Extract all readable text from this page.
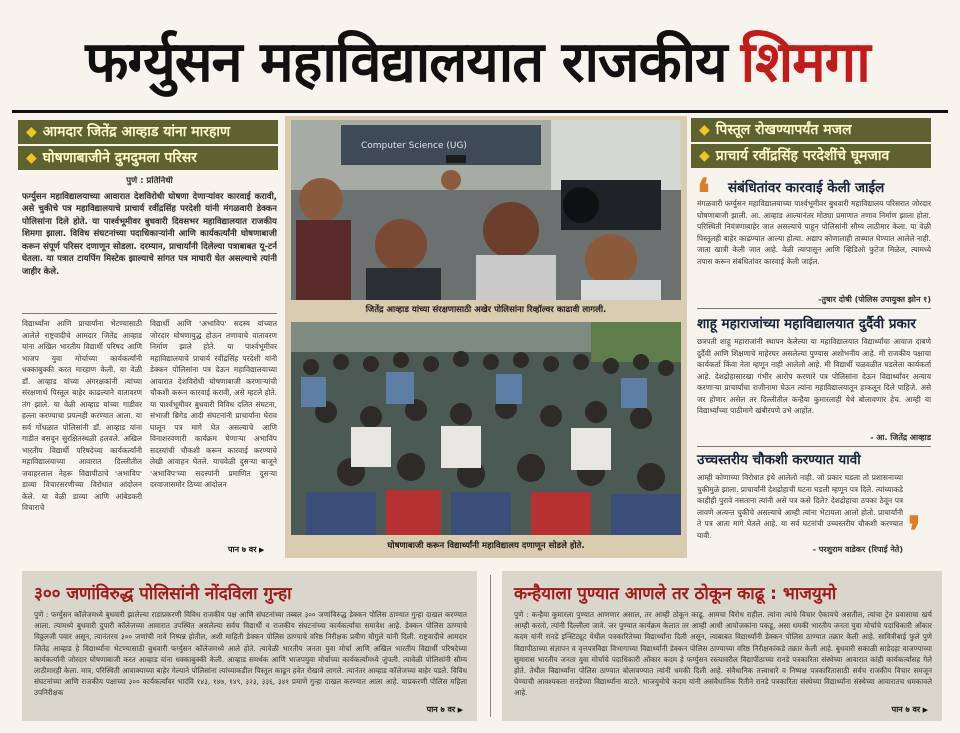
फर्ग्युसन महाविद्यालयात राजकीय शिमगा
◆ आमदार जितेंद्र आव्हाड यांना मारहाण
◆ घोषणाबाजीने दुमदुमला परिसर
◆ पिस्तूल रोखण्यापर्यंत मजल
◆ प्राचार्य रवींद्रसिंह परदेशींचे घूमजाव
पुणे : प्रतिनिधी
फर्ग्युसन महाविद्यालयाच्या आवारात देशविरोधी घोषणा देणाऱ्यांवर कारवाई करावी, असे चुकीचे पत्र महाविद्यालयाचे प्राचार्य रवींद्रसिंह परदेशी यांनी मंगळवारी डेक्कन पोलिसांना दिले होते. या पार्श्वभूमीवर बुधवारी दिवसभर महाविद्यालयात राजकीय शिमगा झाला. विविध संघटनांच्या पदाधिकाऱ्यांनी आणि कार्यकर्त्यांनी घोषणाबाजी करून संपूर्ण परिसर दणाणून सोडला. दरम्यान, प्राचार्यांनी दिलेल्या पत्राबाबत यू-टर्न घेतला. या पत्रात टायपिंग मिस्टेक झाल्याचे सांगत पत्र माघारी घेत असल्याचे त्यांनी जाहीर केले.
विद्यार्थ्यांना आणि प्राचार्यांना भेटण्यासाठी आलेले राष्ट्रवादीचे आमदार जितेंद्र आव्हाड यांना अखिल भारतीय विद्यार्थी परिषद आणि भाजप युवा मोर्चाच्या कार्यकर्त्यांनी धक्काबुक्की करत मारहाण केली. या वेळी डॉ. आव्हाड यांच्या अंगरक्षकांनी त्यांच्या संरक्षणार्थ पिस्तूल बाहेर काढल्याने वातावरण तंग झाले. या वेळी आव्हाड यांच्या गाडीवर हल्ला करण्याचा प्रयत्नही करण्यात आला. या सर्व गोंधळात पोलिसांनी डॉ. आव्हाड यांना गाडीत बसवून सुरक्षितस्थळी हलवले. अखिल भारतीय विद्यार्थी परिषदेच्या कार्यकर्त्यांनी महाविद्यालयाच्या आवारात दिल्लीतील जवाहरलाल नेहरू विद्यापीठाचे 'अभाविप' डाव्या विचारसरणीच्या विरोधात आंदोलन केले. या वेळी डाव्या आणि आंबेडकरी विचाराचे
विद्यार्थी आणि 'अभाविप' सदस्य यांच्यात जोरदार घोषणायुद्ध होऊन तणावाचे वातावरण निर्माण झाले होते. या पार्श्वभूमीवर महाविद्यालयाचे प्राचार्य रवींद्रसिंह परदेशी यांनी डेक्कन पोलिसांना पत्र देऊन महाविद्यालयाच्या आवारात देशविरोधी घोषणाबाजी करणाऱ्यांची चौकशी करून कारवाई करावी, असे म्हटले होते. या पार्श्वभूमीवर बुधवारी विविध दलित संघटना, संभाजी ब्रिगेड आदी संघटनांनी प्राचार्यांना घेराव घालून पत्र मागे घेत असल्याचे आणि विनाशरवणारी कार्यक्रम घेणाऱ्या अभाविप सदस्यांची चौकशी करून कारवाई करण्याचे लेखी आवाहन घेतले. याचवेळी दुसऱ्या बाजूने 'अभाविप'च्या सदस्यांनी प्रमाणित दुसऱ्या दरवाजासमोर ठिय्या आंदोलन
पान ७ वर ▶
Computer Science (UG)
जितेंद्र आव्हाड यांच्या संरक्षणासाठी अखेर पोलिसांना रिव्हॉल्वर काढावी लागली.
घोषणाबाजी करून विद्यार्थ्यांनी महाविद्यालय दणाणून सोडले होते.
❛ संबंधितांवर कारवाई केली जाईल
मंगळवारी फर्ग्युसन महाविद्यालयाच्या पार्श्वभूमीवर बुधवारी महाविद्यालय परिसरात जोरदार घोषणाबाजी झाली. आ. आव्हाड आल्यानंतर मोठ्या प्रमाणात तणाव निर्माण झाला होता. परिस्थिती नियंत्रणाबाहेर जात असल्याचे पाहून पोलिसांनी सौम्य लाठीमार केला. या वेळी पिस्तूलही बाहेर काढण्यात आल्या होत्या. अद्याप कोणालाही ताब्यात घेण्यात आलेले नाही. जाता खात्री केली जात आहे. वेळी त्यापासून आणि व्हिडिओ फुटेज मिळेल, त्यामध्ये तपास करून संबंधितांवर कारवाई केली जाईल.
-तुषार दोषी (पोलिस उपायुक्त झोन १)
शाहू महाराजांच्या महाविद्यालयात दुर्दैवी प्रकार
छत्रपती शाहू महाराजांनी स्थापन केलेल्या या महाविद्यालयात विद्यार्थ्यांचा आवाज दाबणे दुर्दैवी आणि शिक्षणाचे माहेरघर असलेल्या पुण्यास अशोभनीय आहे. मी राजकीय पक्षाचा कार्यकर्ता किंवा नेता म्हणून नाही आलेलो आहे. मी विद्यार्थी चळवळीत घडलेला कार्यकर्ता आहे. देशद्रोहासारखा गंभीर आरोप करणारे पत्र पोलिसांना देऊन विद्यार्थ्यांवर अन्याय करणाऱ्या प्राचार्यांचा राजीनामा घेऊन त्यांना महाविद्यालयातून हाकलून दिले पाहिजे. असे जर होणार असेल तर दिल्लीतील कन्हैया कुमारलाही येथे बोलावणार हेच. आम्ही या विद्यार्थ्यांच्या पाठीमागे खंबीरपणे उभे आहोत.
- आ. जितेंद्र आव्हाड
उच्चस्तरीय चौकशी करण्यात यावी
आम्ही कोणाच्या विरोधात इथे आलेलो नाही. जो प्रकार घडला तो प्रशासनाच्या चुकीमुळे झाला. प्राचार्यांनी देशद्रोहाची घटना घडली म्हणून पत्र दिले. त्यांच्याकडे काहीही पुरावे नसताना त्यांनी असे पत्र कसे दिले? देशद्रोहाचा ठपका ठेवून पत्र लावणे अत्यन्त चुकीचे असल्याचे आम्ही त्यांना भेटायला आलो होतो. प्राचार्यांनी ते पत्र आता मागे घेतले आहे. या सर्व घटनांची उच्चस्तरीय चौकशी करण्यात यावी.
- परशुराम वाडेकर (रिपाई नेते) ❜
३०० जणांविरुद्ध पोलिसांनी नोंदविला गुन्हा
पुणे : फर्ग्युसन कॉलेजमध्ये बुधवारी झालेल्या राडाप्रकरणी विविध राजकीय पक्ष आणि संघटनांच्या तब्बल ३०० जणांविरुद्ध डेक्कन पोलिस ठाण्यात गुन्हा दाखल करण्यात आला. त्यामध्ये बुधवारी दुपारी कॉलेजच्या आवारात उपस्थित असलेल्या सर्वच विद्यार्थी व राजकीय संघटनांच्या कार्यकर्त्यांचा समावेश आहे. डेक्कन पोलिस ठाण्याचे विठ्ठलजी पवार असून, त्यानंतरच ३०० जणांची नावे निष्पन्न होतील, अशी माहिती डेक्कन पोलिस ठाण्याचे वरिष्ठ निरीक्षक प्रवीण चौगुले यांनी दिली. राष्ट्रवादीचे आमदार जितेंद्र आव्हाड हे विद्यार्थ्यांना भेटण्यासाठी बुधवारी फर्ग्युसन कॉलेजमध्ये आले होते. त्यावेळी भारतीय जनता युवा मोर्चा आणि अखिल भारतीय विद्यार्थी परिषदेच्या कार्यकर्त्यांनी जोरदार घोषणाबाजी करत आव्हाड यांना धक्काबुक्की केली. आव्हाड समर्थक आणि भाजपयुवा मोर्चाच्या कार्यकर्त्यांमध्ये जुंपली. त्यावेळी पोलिसांनी सौम्य लाठीमारही केला. मात्र, परिस्थिती आवाक्याच्या बाहेर गेल्याने पोलिसांना त्यांच्याकडील पिस्तूल काढून हवेत रोखावे लागले. त्यानंतर आव्हाड कॉलेजच्या बाहेर पडले. विविध संघटनांच्या आणि राजकीय पक्षाच्या ३०० कार्यकर्त्यांवर भादंवि १४३, १४७, १४९, ३२३, ३३६, ३४१ प्रमाणे गुन्हा दाखल करण्यात आला आहे. याप्रकरणी पोलिस महिला उपनिरीक्षक
पान ७ वर ▶
कन्हैयाला पुण्यात आणले तर ठोकून काढू : भाजयुमो
पुणे : कन्हैया कुमारला पुण्यात आणणार असाल, तर आम्ही ठोकून काढू. आमचा विरोध राहील. त्यांना त्यांचे विचार ऐकायचे असतील, त्यांचा ट्रेन प्रवासाचा खर्च आम्ही करतो, त्यांनी दिल्लीला जावे. जर पुण्यात कार्यक्रम केलात तर आम्ही आधी आयोजकांना पकडू, असा धमकी भारतीय जनता युवा मोर्चाचे पदाधिकारी ओंकार कदम यांनी रानडे इन्स्टिट्यूट येथील पत्रकारितेच्या विद्यार्थ्यांना दिली असून, त्याबाबत विद्यार्थ्यांनी डेक्कन पोलिस ठाण्यात तक्रार केली आहे. सावित्रीबाई फुले पुणे विद्यापीठाच्या संज्ञापन व वृत्तपत्रविद्या विभागाच्या विद्यार्थ्यांनी डेक्कन पोलिस ठाण्याच्या वरिष्ठ निरीक्षकांकडे तक्रार केली आहे. बुधवारी सकाळी साडेदहा वाजण्याच्या सुमारास भारतीय जनता युवा मोर्चाचे पदाधिकारी ओंकार कदम हे फर्ग्युसन रस्त्यावरील विद्यापीठाच्या रानडे पत्रकारिता संस्थेच्या आवारात कांही कार्यकर्त्यांसह गेले होते. तेथील विद्यार्थ्यांना पोलिस ठाण्यात बोलावण्यात त्यांनी धमकी दिली आहे. संवैधानिक तत्त्वाधारे व निष्पक्ष पत्रकारितासाठी सर्वच राजकीय विचार समजून घेण्याची आवश्यकता रानडेच्या विद्यार्थ्यांना वाटते. भाजयुमोचे कदम यांनी असंवैधानिक रितीने रानडे पत्रकारिता संस्थेच्या विद्यार्थ्यांना संस्थेच्या आवारातच धमकावले आहे.
पान ७ वर ▶
